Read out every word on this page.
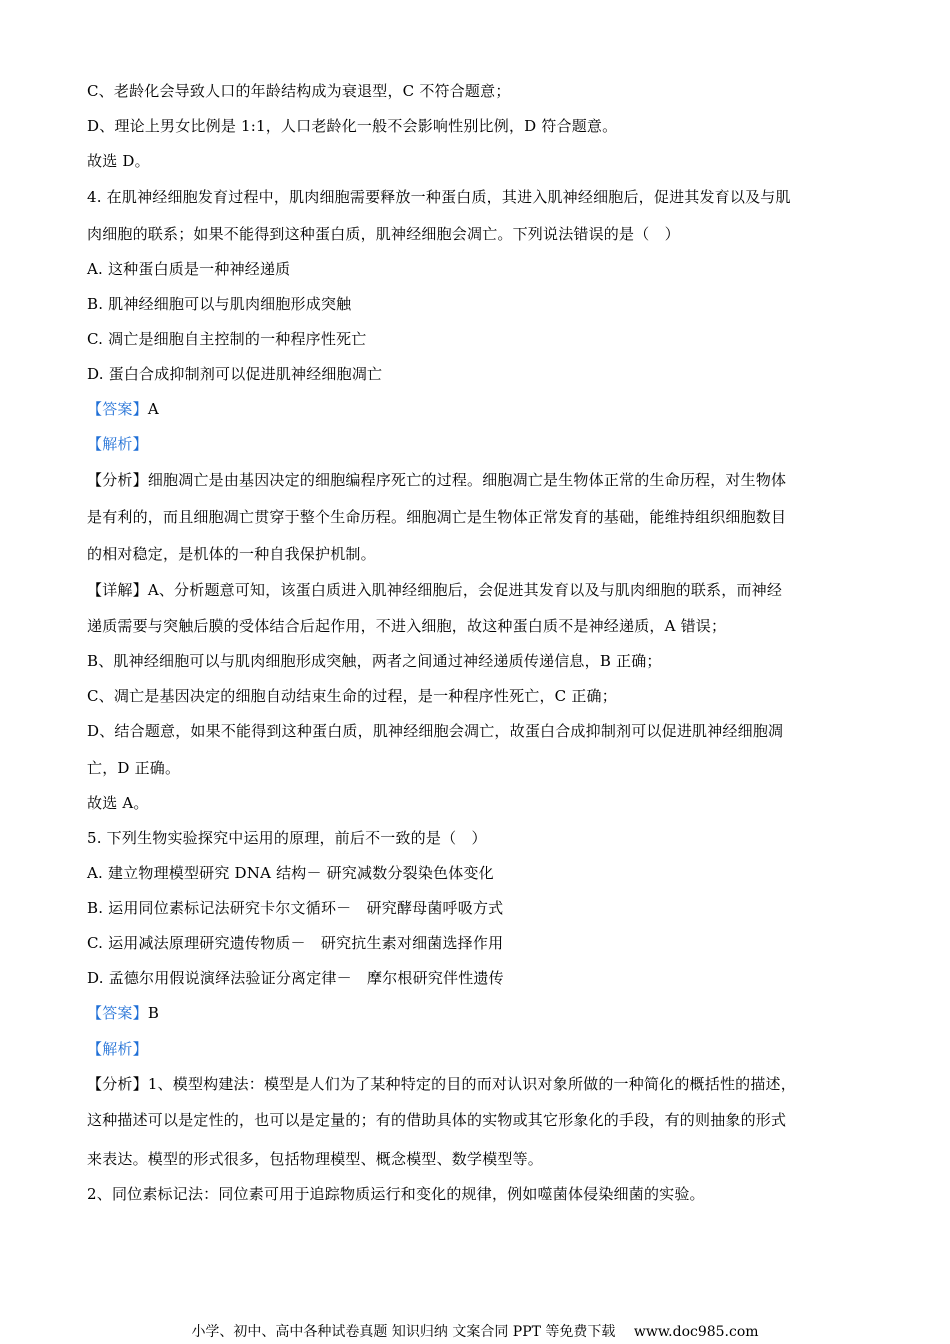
C、老龄化会导致人口的年龄结构成为衰退型，C 不符合题意；
D、理论上男女比例是 1:1，人口老龄化一般不会影响性别比例，D 符合题意。
故选 D。
4. 在肌神经细胞发育过程中，肌肉细胞需要释放一种蛋白质，其进入肌神经细胞后，促进其发育以及与肌
肉细胞的联系；如果不能得到这种蛋白质，肌神经细胞会凋亡。下列说法错误的是（　）
A. 这种蛋白质是一种神经递质
B. 肌神经细胞可以与肌肉细胞形成突触
C. 凋亡是细胞自主控制的一种程序性死亡
D. 蛋白合成抑制剂可以促进肌神经细胞凋亡
【答案】A
【解析】
【分析】细胞凋亡是由基因决定的细胞编程序死亡的过程。细胞凋亡是生物体正常的生命历程，对生物体
是有利的，而且细胞凋亡贯穿于整个生命历程。细胞凋亡是生物体正常发育的基础，能维持组织细胞数目
的相对稳定，是机体的一种自我保护机制。
【详解】A、分析题意可知，该蛋白质进入肌神经细胞后，会促进其发育以及与肌肉细胞的联系，而神经
递质需要与突触后膜的受体结合后起作用，不进入细胞，故这种蛋白质不是神经递质，A 错误；
B、肌神经细胞可以与肌肉细胞形成突触，两者之间通过神经递质传递信息，B 正确；
C、凋亡是基因决定的细胞自动结束生命的过程，是一种程序性死亡，C 正确；
D、结合题意，如果不能得到这种蛋白质，肌神经细胞会凋亡，故蛋白合成抑制剂可以促进肌神经细胞凋
亡，D 正确。
故选 A。
5. 下列生物实验探究中运用的原理，前后不一致的是（　）
A. 建立物理模型研究 DNA 结构－ 研究减数分裂染色体变化
B. 运用同位素标记法研究卡尔文循环－　研究酵母菌呼吸方式
C. 运用减法原理研究遗传物质－　研究抗生素对细菌选择作用
D. 孟德尔用假说演绎法验证分离定律－　摩尔根研究伴性遗传
【答案】B
【解析】
【分析】1、模型构建法：模型是人们为了某种特定的目的而对认识对象所做的一种简化的概括性的描述，
这种描述可以是定性的，也可以是定量的；有的借助具体的实物或其它形象化的手段，有的则抽象的形式
来表达。模型的形式很多，包括物理模型、概念模型、数学模型等。
2、同位素标记法：同位素可用于追踪物质运行和变化的规律，例如噬菌体侵染细菌的实验。
小学、初中、高中各种试卷真题 知识归纳 文案合同 PPT 等免费下载　 www.doc985.com
